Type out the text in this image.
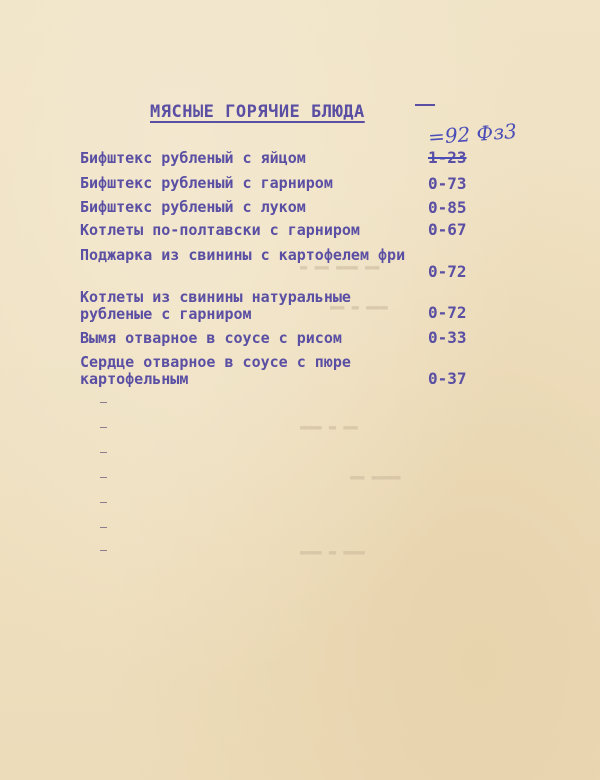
▬ ▬▬ ▬▬▬ ▬▬
▬▬ ▬ ▬▬▬
▬▬▬ ▬ ▬▬
▬▬ ▬▬▬▬
▬▬▬ ▬ ▬▬▬
МЯСНЫЕ ГОРЯЧИЕ БЛЮДА
=92 Фз3
Бифштекс рубленый с яйцом	1-23
Бифштекс рубленый с гарниром	0-73
Бифштекс рубленый с луком	0-85
Котлеты по-полтавски с гарниром	0-67
Поджарка из свинины с картофелем фри
0-72
Котлеты из свинины натуральные рубленые с гарниром	0-72
Вымя отварное в соусе с рисом	0-33
Сердце отварное в соусе с пюре картофельным	0-37
